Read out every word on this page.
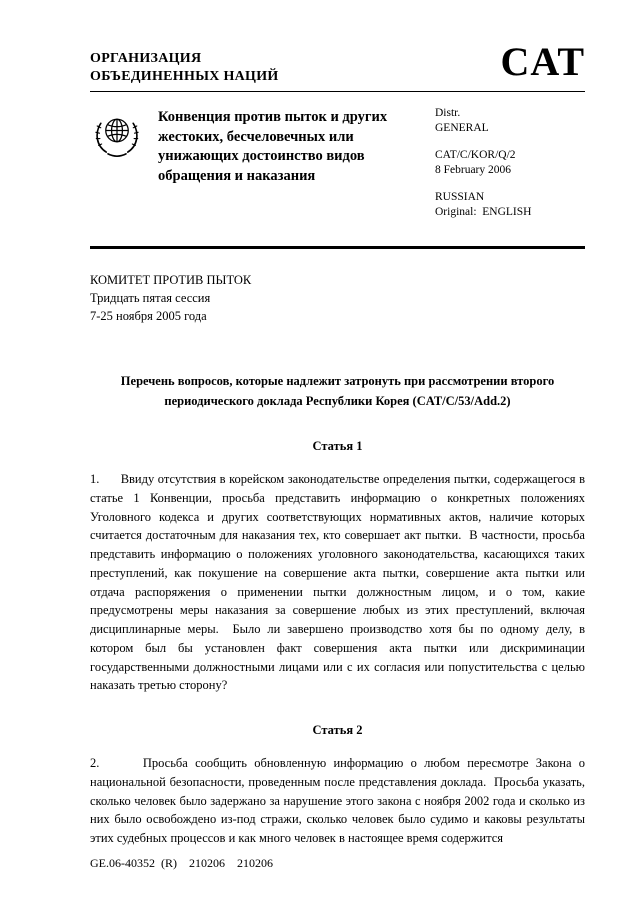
ОРГАНИЗАЦИЯ
ОБЪЕДИНЕННЫХ НАЦИЙ	CAT
Конвенция против пыток и других жестоких, бесчеловечных или унижающих достоинство видов обращения и наказания
Distr.
GENERAL
CAT/C/KOR/Q/2
8 February 2006
RUSSIAN
Original:  ENGLISH
КОМИТЕТ ПРОТИВ ПЫТОК
Тридцать пятая сессия
7-25 ноября 2005 года
Перечень вопросов, которые надлежит затронуть при рассмотрении второго периодического доклада Республики Корея (CAT/C/53/Add.2)
Статья 1
1.      Ввиду отсутствия в корейском законодательстве определения пытки, содержащегося в статье 1 Конвенции, просьба представить информацию о конкретных положениях Уголовного кодекса и других соответствующих нормативных актов, наличие которых считается достаточным для наказания тех, кто совершает акт пытки.  В частности, просьба представить информацию о положениях уголовного законодательства, касающихся таких преступлений, как покушение на совершение акта пытки, совершение акта пытки или отдача распоряжения о применении пытки должностным лицом, и о том, какие предусмотрены меры наказания за совершение любых из этих преступлений, включая дисциплинарные меры.  Было ли завершено производство хотя бы по одному делу, в котором был бы установлен факт совершения акта пытки или дискриминации государственными должностными лицами или с их согласия или попустительства с целью наказать третью сторону?
Статья 2
2.      Просьба сообщить обновленную информацию о любом пересмотре Закона о национальной безопасности, проведенным после представления доклада.  Просьба указать, сколько человек было задержано за нарушение этого закона с ноября 2002 года и сколько из них было освобождено из-под стражи, сколько человек было судимо и каковы результаты этих судебных процессов и как много человек в настоящее время содержится
GE.06-40352  (R)    210206    210206
